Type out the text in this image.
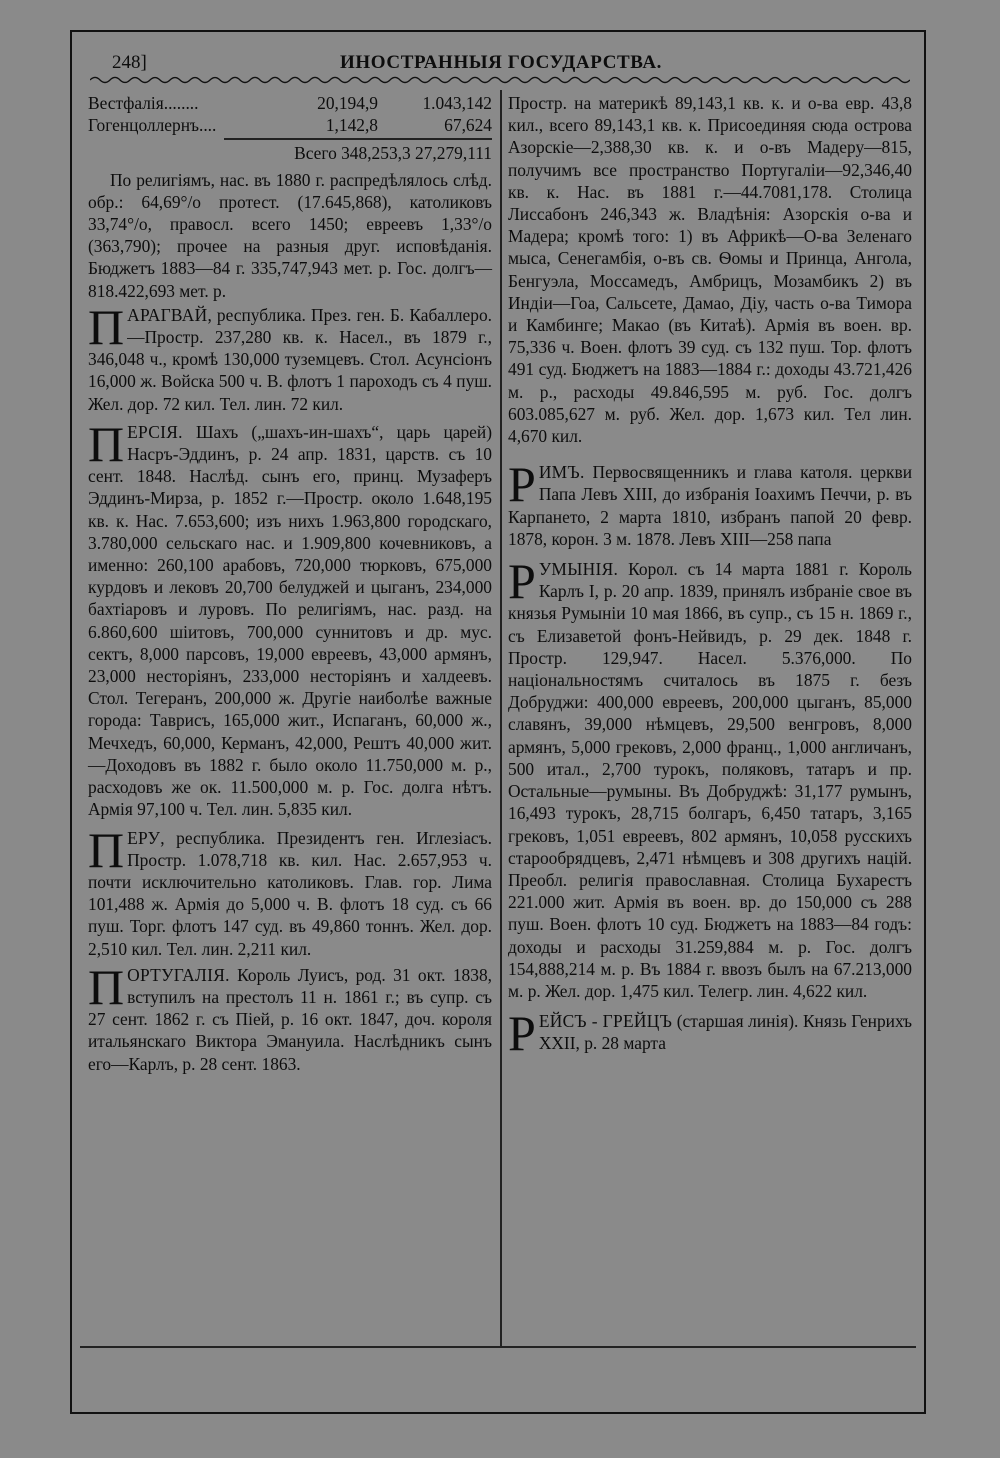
248]	ИНОСТРАННЫЯ ГОСУДАРСТВА.
Вестфалія........	20,194,9	1.043,142
Гогенцоллернъ....	1,142,8	67,624
Всего 348,253,3 27,279,111
По религіямъ, нас. въ 1880 г. распредѣлялось слѣд. обр.: 64,69°/о протест. (17.645,868), католиковъ 33,74°/о, правосл. всего 1450; евреевъ 1,33°/о (363,790); прочее на разныя друг. исповѣданія. Бюджетъ 1883—84 г. 335,747,943 мет. р. Гос. долгъ—818.422,693 мет. р.
ПАРАГВАЙ, республика. През. ген. Б. Кабаллеро.—Простр. 237,280 кв. к. Насел., въ 1879 г., 346,048 ч., кромѣ 130,000 туземцевъ. Стол. Асунсіонъ 16,000 ж. Войска 500 ч. В. флотъ 1 пароходъ съ 4 пуш. Жел. дор. 72 кил. Тел. лин. 72 кил.
ПЕРСІЯ. Шахъ („шахъ-ин-шахъ“, царь царей) Насръ-Эддинъ, р. 24 апр. 1831, царств. съ 10 сент. 1848. Наслѣд. сынъ его, принц. Музаферъ Эддинъ-Мирза, р. 1852 г.—Простр. около 1.648,195 кв. к. Нас. 7.653,600; изъ нихъ 1.963,800 городскаго, 3.780,000 сельскаго нас. и 1.909,800 кочевниковъ, а именно: 260,100 арабовъ, 720,000 тюрковъ, 675,000 курдовъ и лековъ 20,700 белуджей и цыганъ, 234,000 бахтіаровъ и луровъ. По религіямъ, нас. разд. на 6.860,600 шіитовъ, 700,000 суннитовъ и др. мус. сектъ, 8,000 парсовъ, 19,000 евреевъ, 43,000 армянъ, 23,000 несторіянъ, 233,000 несторіянъ и халдеевъ. Стол. Тегеранъ, 200,000 ж. Другіе наиболѣе важные города: Таврисъ, 165,000 жит., Испаганъ, 60,000 ж., Мечхедъ, 60,000, Керманъ, 42,000, Рештъ 40,000 жит.—Доходовъ въ 1882 г. было около 11.750,000 м. р., расходовъ же ок. 11.500,000 м. р. Гос. долга нѣтъ. Армія 97,100 ч. Тел. лин. 5,835 кил.
ПЕРУ, республика. Президентъ ген. Иглезіасъ. Простр. 1.078,718 кв. кил. Нас. 2.657,953 ч. почти исключительно католиковъ. Глав. гор. Лима 101,488 ж. Армія до 5,000 ч. В. флотъ 18 суд. съ 66 пуш. Торг. флотъ 147 суд. въ 49,860 тоннъ. Жел. дор. 2,510 кил. Тел. лин. 2,211 кил.
ПОРТУГАЛІЯ. Король Луисъ, род. 31 окт. 1838, вступилъ на престолъ 11 н. 1861 г.; въ супр. съ 27 сент. 1862 г. съ Піей, р. 16 окт. 1847, доч. короля итальянскаго Виктора Эмануила. Наслѣдникъ сынъ его—Карлъ, р. 28 сент. 1863.
Простр. на материкѣ 89,143,1 кв. к. и о-ва евр. 43,8 кил., всего 89,143,1 кв. к. Присоединяя сюда острова Азорскіе—2,388,30 кв. к. и о-въ Мадеру—815, получимъ все пространство Португаліи—92,346,40 кв. к. Нас. въ 1881 г.—44.7081,178. Столица Лиссабонъ 246,343 ж. Владѣнія: Азорскія о-ва и Мадера; кромѣ того: 1) въ Африкѣ—О-ва Зеленаго мыса, Сенегамбія, о-въ св. Ѳомы и Принца, Ангола, Бенгуэла, Моссамедъ, Амбрицъ, Мозамбикъ 2) въ Индіи—Гоа, Сальсете, Дамао, Діу, часть о-ва Тимора и Камбинге; Макао (въ Китаѣ). Армія въ воен. вр. 75,336 ч. Воен. флотъ 39 суд. съ 132 пуш. Тор. флотъ 491 суд. Бюджетъ на 1883—1884 г.: доходы 43.721,426 м. р., расходы 49.846,595 м. руб. Гос. долгъ 603.085,627 м. руб. Жел. дор. 1,673 кил. Тел лин. 4,670 кил.
РИМЪ. Первосвященникъ и глава католя. церкви Папа Левъ XIII, до избранія Іоахимъ Печчи, р. въ Карпането, 2 марта 1810, избранъ папой 20 февр. 1878, корон. 3 м. 1878. Левъ XIII—258 папа
РУМЫНІЯ. Корол. съ 14 марта 1881 г. Король Карлъ I, р. 20 апр. 1839, принялъ избраніе свое въ князья Румыніи 10 мая 1866, въ супр., съ 15 н. 1869 г., съ Елизаветой фонъ-Нейвидъ, р. 29 дек. 1848 г. Простр. 129,947. Насел. 5.376,000. По національностямъ считалось въ 1875 г. безъ Добруджи: 400,000 евреевъ, 200,000 цыганъ, 85,000 славянъ, 39,000 нѣмцевъ, 29,500 венгровъ, 8,000 армянъ, 5,000 грековъ, 2,000 франц., 1,000 англичанъ, 500 итал., 2,700 турокъ, поляковъ, татаръ и пр. Остальные—румыны. Въ Добруджѣ: 31,177 румынъ, 16,493 турокъ, 28,715 болгаръ, 6,450 татаръ, 3,165 грековъ, 1,051 евреевъ, 802 армянъ, 10,058 русскихъ старообрядцевъ, 2,471 нѣмцевъ и 308 другихъ націй. Преобл. религія православная. Столица Бухарестъ 221.000 жит. Армія въ воен. вр. до 150,000 съ 288 пуш. Воен. флотъ 10 суд. Бюджетъ на 1883—84 годъ: доходы и расходы 31.259,884 м. р. Гос. долгъ 154,888,214 м. р. Въ 1884 г. ввозъ былъ на 67.213,000 м. р. Жел. дор. 1,475 кил. Телегр. лин. 4,622 кил.
РЕЙСЪ - ГРЕЙЦЪ (старшая линія). Князь Генрихъ XXII, р. 28 марта
